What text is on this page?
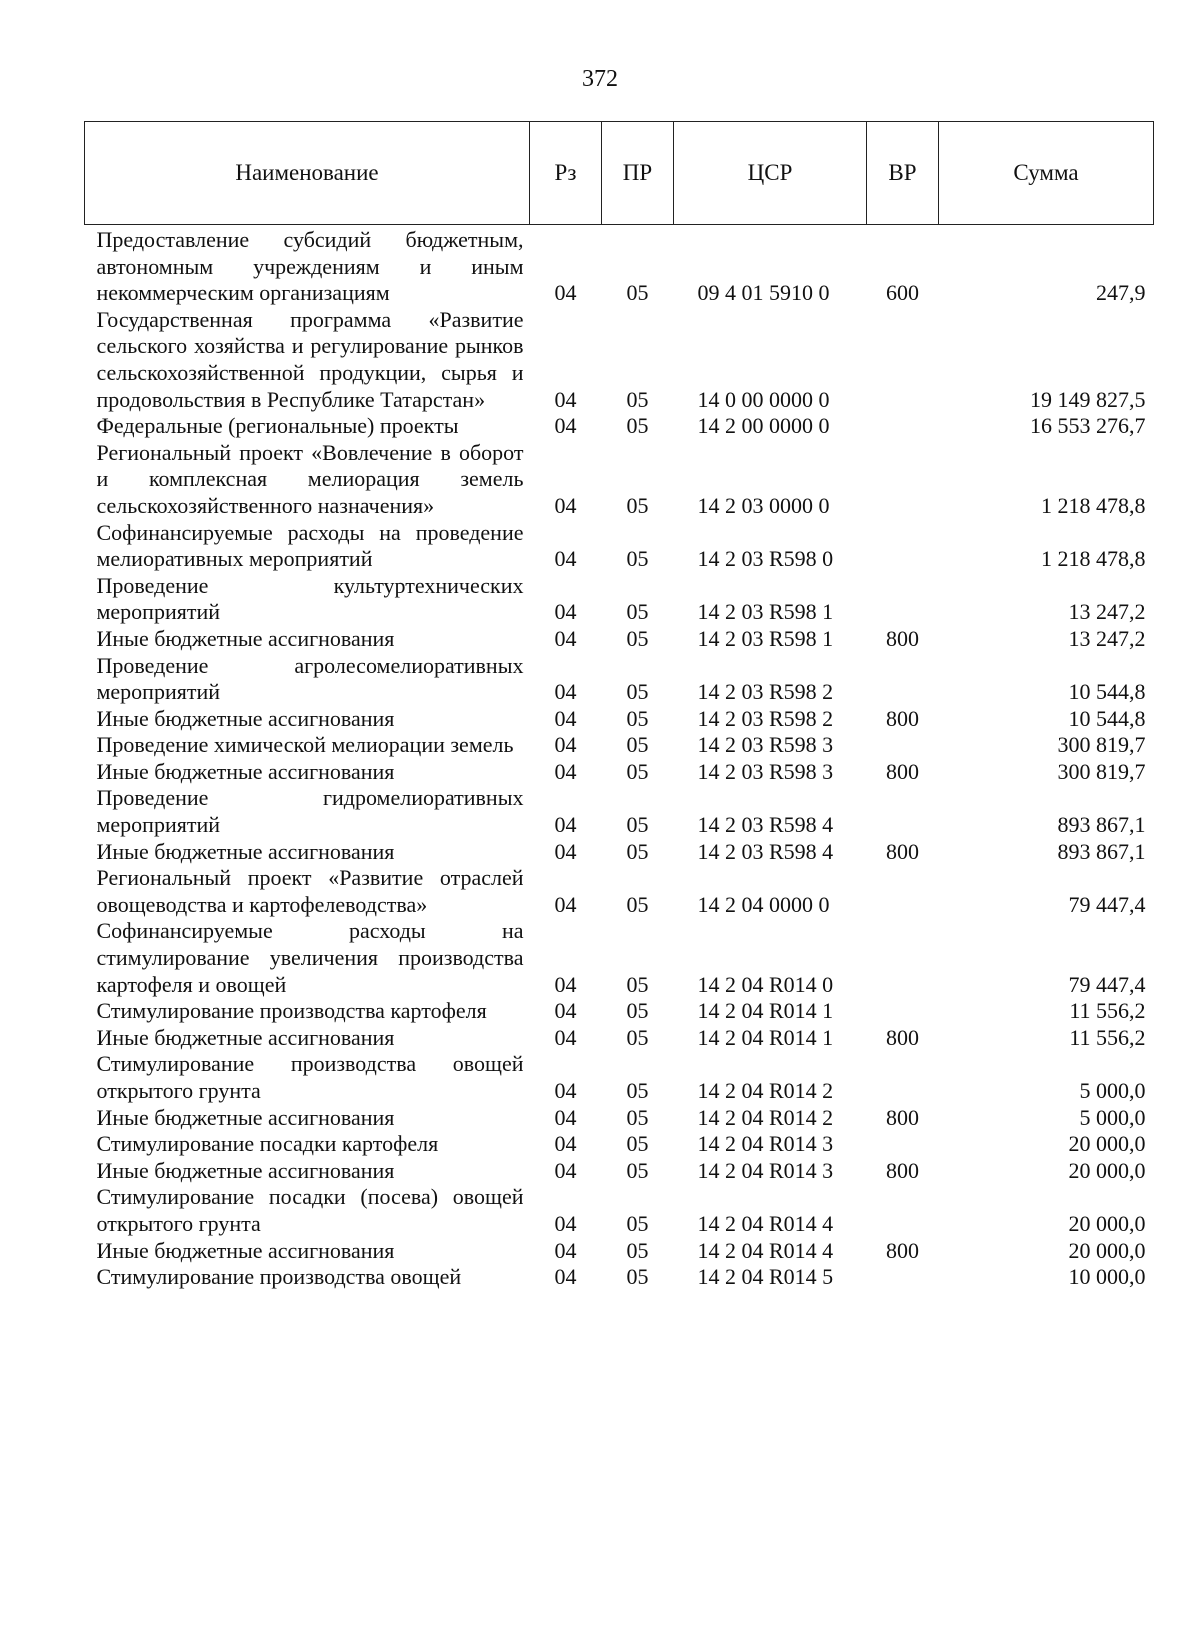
372
Наименование	Рз	ПР	ЦСР	ВР	Сумма
Предоставление субсидий бюджетным, автономным учреждениям и иным некоммерческим организациям	04	05	09 4 01 5910 0	600	247,9
Государственная программа «Развитие сельского хозяйства и регулирование рынков сельскохозяйственной продукции, сырья и продовольствия в Республике Татарстан»	04	05	14 0 00 0000 0		19 149 827,5
Федеральные (региональные) проекты	04	05	14 2 00 0000 0		16 553 276,7
Региональный проект «Вовлечение в оборот и комплексная мелиорация земель сельскохозяйственного назначения»	04	05	14 2 03 0000 0		1 218 478,8
Софинансируемые расходы на проведение мелиоративных мероприятий	04	05	14 2 03 R598 0		1 218 478,8
Проведение культуртехнических мероприятий	04	05	14 2 03 R598 1		13 247,2
Иные бюджетные ассигнования	04	05	14 2 03 R598 1	800	13 247,2
Проведение агролесомелиоративных мероприятий	04	05	14 2 03 R598 2		10 544,8
Иные бюджетные ассигнования	04	05	14 2 03 R598 2	800	10 544,8
Проведение химической мелиорации земель	04	05	14 2 03 R598 3		300 819,7
Иные бюджетные ассигнования	04	05	14 2 03 R598 3	800	300 819,7
Проведение гидромелиоративных мероприятий	04	05	14 2 03 R598 4		893 867,1
Иные бюджетные ассигнования	04	05	14 2 03 R598 4	800	893 867,1
Региональный проект «Развитие отраслей овощеводства и картофелеводства»	04	05	14 2 04 0000 0		79 447,4
Софинансируемые расходы на стимулирование увеличения производства картофеля и овощей	04	05	14 2 04 R014 0		79 447,4
Стимулирование производства картофеля	04	05	14 2 04 R014 1		11 556,2
Иные бюджетные ассигнования	04	05	14 2 04 R014 1	800	11 556,2
Стимулирование производства овощей открытого грунта	04	05	14 2 04 R014 2		5 000,0
Иные бюджетные ассигнования	04	05	14 2 04 R014 2	800	5 000,0
Стимулирование посадки картофеля	04	05	14 2 04 R014 3		20 000,0
Иные бюджетные ассигнования	04	05	14 2 04 R014 3	800	20 000,0
Стимулирование посадки (посева) овощей открытого грунта	04	05	14 2 04 R014 4		20 000,0
Иные бюджетные ассигнования	04	05	14 2 04 R014 4	800	20 000,0
Стимулирование производства овощей	04	05	14 2 04 R014 5		10 000,0
